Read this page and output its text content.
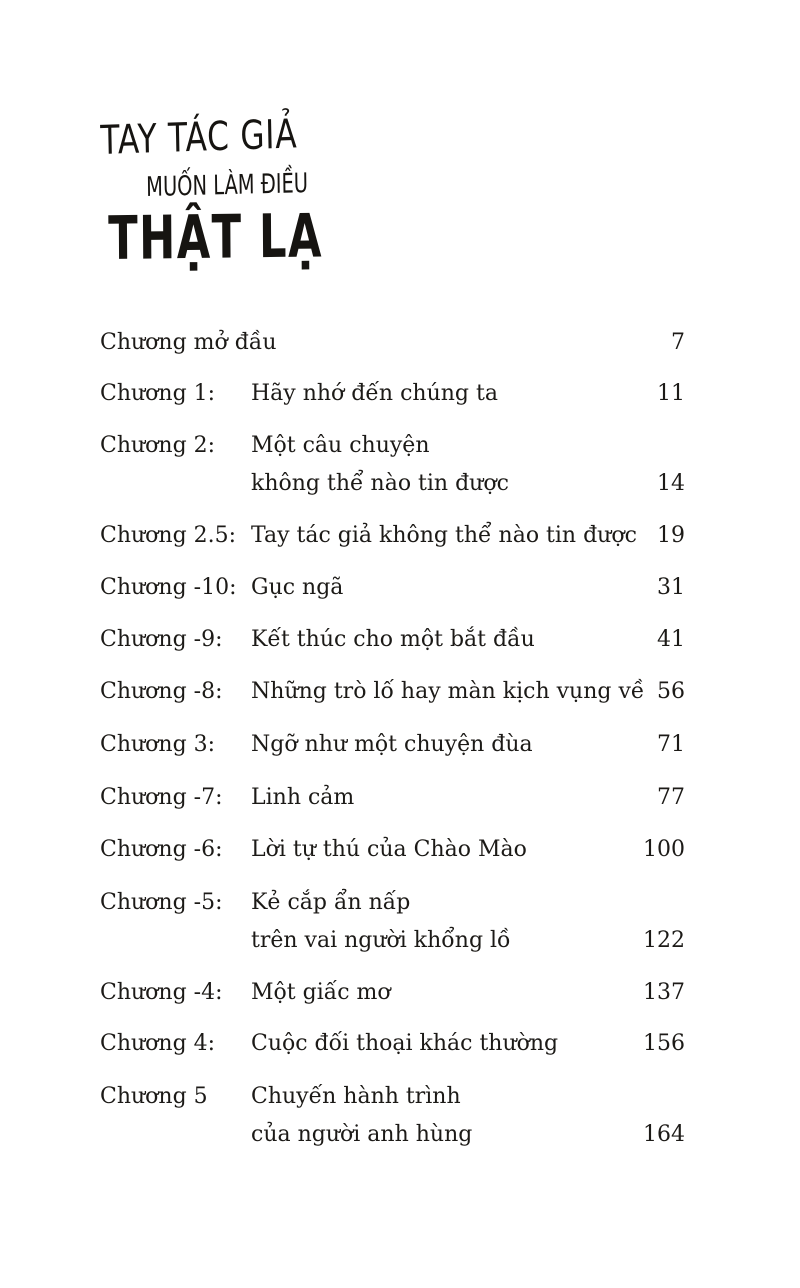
TAY TÁC GIẢ
MUỐN LÀM ĐIỀU
THẬT LẠ
Chương mở đầu	7
Chương 1: Hãy nhớ đến chúng ta	11
Chương 2: Một câu chuyện
không thể nào tin được	14
Chương 2.5: Tay tác giả không thể nào tin được 19
Chương -10: Gục ngã	31
Chương -9: Kết thúc cho một bắt đầu	41
Chương -8: Những trò lố hay màn kịch vụng về 56
Chương 3: Ngỡ như một chuyện đùa	71
Chương -7: Linh cảm	77
Chương -6: Lời tự thú của Chào Mào	100
Chương -5: Kẻ cắp ẩn nấp
trên vai người khổng lồ	122
Chương -4: Một giấc mơ	137
Chương 4: Cuộc đối thoại khác thường	156
Chương 5 Chuyến hành trình
của người anh hùng	164
